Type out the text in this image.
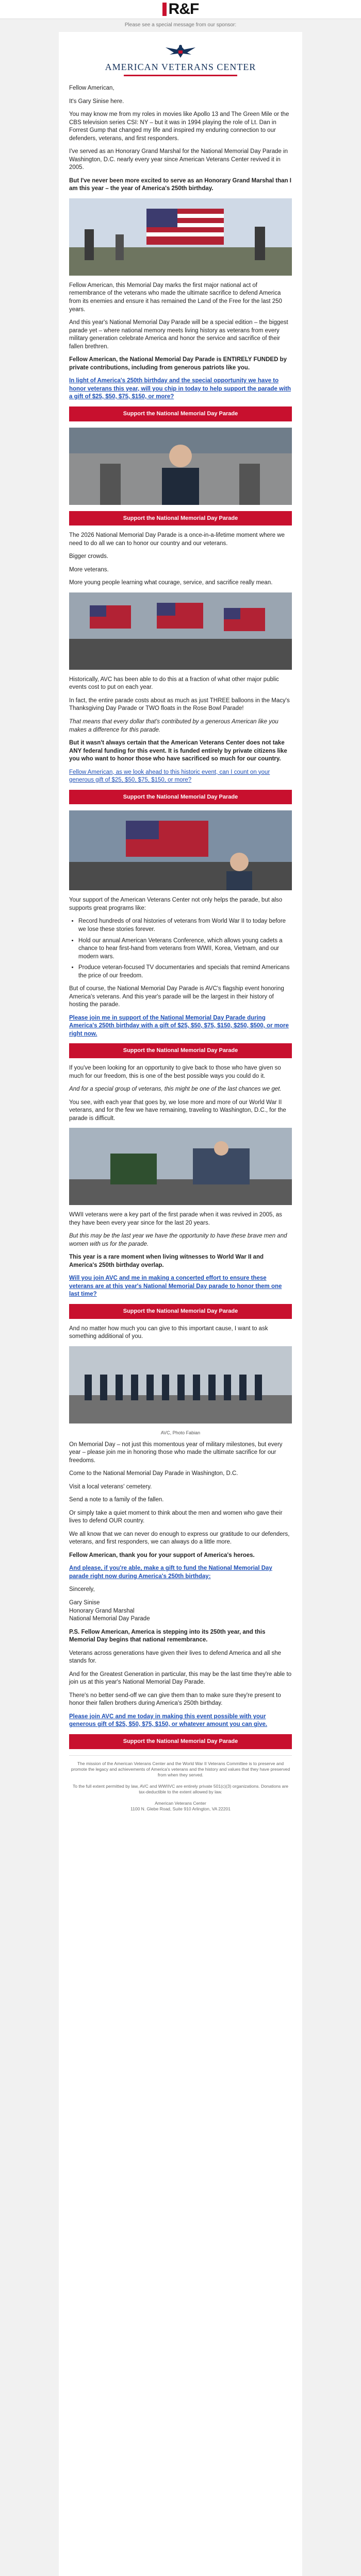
R&F
Please see a special message from our sponsor:
AMERICAN VETERANS CENTER

Fellow American,

It's Gary Sinise here.

You may know me from my roles in movies like Apollo 13 and The Green Mile or the CBS television series CSI: NY – but it was in 1994 playing the role of Lt. Dan in Forrest Gump that changed my life and inspired my enduring connection to our defenders, veterans, and first responders.

I've served as an Honorary Grand Marshal for the National Memorial Day Parade in Washington, D.C. nearly every year since American Veterans Center revived it in 2005.

But I've never been more excited to serve as an Honorary Grand Marshal than I am this year – the year of America's 250th birthday.

Fellow American, this Memorial Day marks the first major national act of remembrance of the veterans who made the ultimate sacrifice to defend America from its enemies and ensure it has remained the Land of the Free for the last 250 years.

And this year's National Memorial Day Parade will be a special edition – the biggest parade yet – where national memory meets living history as veterans from every military generation celebrate America and honor the service and sacrifice of their fallen brethren.

Fellow American, the National Memorial Day Parade is ENTIRELY FUNDED by private contributions, including from generous patriots like you.

In light of America's 250th birthday and the special opportunity we have to honor veterans this year, will you chip in today to help support the parade with a gift of $25, $50, $75, $150, or more?

Support the National Memorial Day Parade
Support the National Memorial Day Parade

The 2026 National Memorial Day Parade is a once-in-a-lifetime moment where we need to do all we can to honor our country and our veterans.

Bigger crowds.

More veterans.

More young people learning what courage, service, and sacrifice really mean.

Historically, AVC has been able to do this at a fraction of what other major public events cost to put on each year.

In fact, the entire parade costs about as much as just THREE balloons in the Macy's Thanksgiving Day Parade or TWO floats in the Rose Bowl Parade!

That means that every dollar that's contributed by a generous American like you makes a difference for this parade.

But it wasn't always certain that the American Veterans Center does not take ANY federal funding for this event. It is funded entirely by private citizens like you who want to honor those who have sacrificed so much for our country.

Fellow American, as we look ahead to this historic event, can I count on your generous gift of $25, $50, $75, $150, or more?

Support the National Memorial Day Parade

Your support of the American Veterans Center not only helps the parade, but also supports great programs like:

• Record hundreds of oral histories of veterans from World War II to today before we lose these stories forever.
• Hold our annual American Veterans Conference, which allows young cadets a chance to hear first-hand from veterans from WWII, Korea, Vietnam, and our modern wars.
• Produce veteran-focused TV documentaries and specials that remind Americans the price of our freedom.

But of course, the National Memorial Day Parade is AVC's flagship event honoring America's veterans. And this year's parade will be the largest in their history of hosting the parade.

Please join me in support of the National Memorial Day Parade during America's 250th birthday with a gift of $25, $50, $75, $150, $250, $500, or more right now.

Support the National Memorial Day Parade

If you've been looking for an opportunity to give back to those who have given so much for our freedom, this is one of the best possible ways you could do it.

And for a special group of veterans, this might be one of the last chances we get.

You see, with each year that goes by, we lose more and more of our World War II veterans, and for the few we have remaining, traveling to Washington, D.C., for the parade is difficult.

WWII veterans were a key part of the first parade when it was revived in 2005, as they have been every year since for the last 20 years.

But this may be the last year we have the opportunity to have these brave men and women with us for the parade.

This year is a rare moment when living witnesses to World War II and America's 250th birthday overlap.

Will you join AVC and me in making a concerted effort to ensure these veterans are at this year's National Memorial Day parade to honor them one last time?

Support the National Memorial Day Parade

And no matter how much you can give to this important cause, I want to ask something additional of you.

AVC, Photo Fabian

On Memorial Day – not just this momentous year of military milestones, but every year – please join me in honoring those who made the ultimate sacrifice for our freedoms.

Come to the National Memorial Day Parade in Washington, D.C.

Visit a local veterans' cemetery.

Send a note to a family of the fallen.

Or simply take a quiet moment to think about the men and women who gave their lives to defend OUR country.

We all know that we can never do enough to express our gratitude to our defenders, veterans, and first responders, we can always do a little more.

Fellow American, thank you for your support of America's heroes.

And please, if you're able, make a gift to fund the National Memorial Day parade right now during America's 250th birthday:

Sincerely,

Gary Sinise
Honorary Grand Marshal
National Memorial Day Parade

P.S. Fellow American, America is stepping into its 250th year, and this Memorial Day begins that national remembrance.

Veterans across generations have given their lives to defend America and all she stands for.

And for the Greatest Generation in particular, this may be the last time they're able to join us at this year's National Memorial Day Parade.

There's no better send-off we can give them than to make sure they're present to honor their fallen brothers during America's 250th birthday.

Please join AVC and me today in making this event possible with your generous gift of $25, $50, $75, $150, or whatever amount you can give.

Support the National Memorial Day Parade

The mission of the American Veterans Center and the World War II Veterans Committee is to preserve and promote the legacy and achievements of America's veterans and the history and values that they have preserved from when they served.

To the full extent permitted by law, AVC and WWIIVC are entirely private 501(c)(3) organizations. Donations are tax-deductible to the extent allowed by law.

American Veterans Center
1100 N. Glebe Road, Suite 910 Arlington, VA 22201
